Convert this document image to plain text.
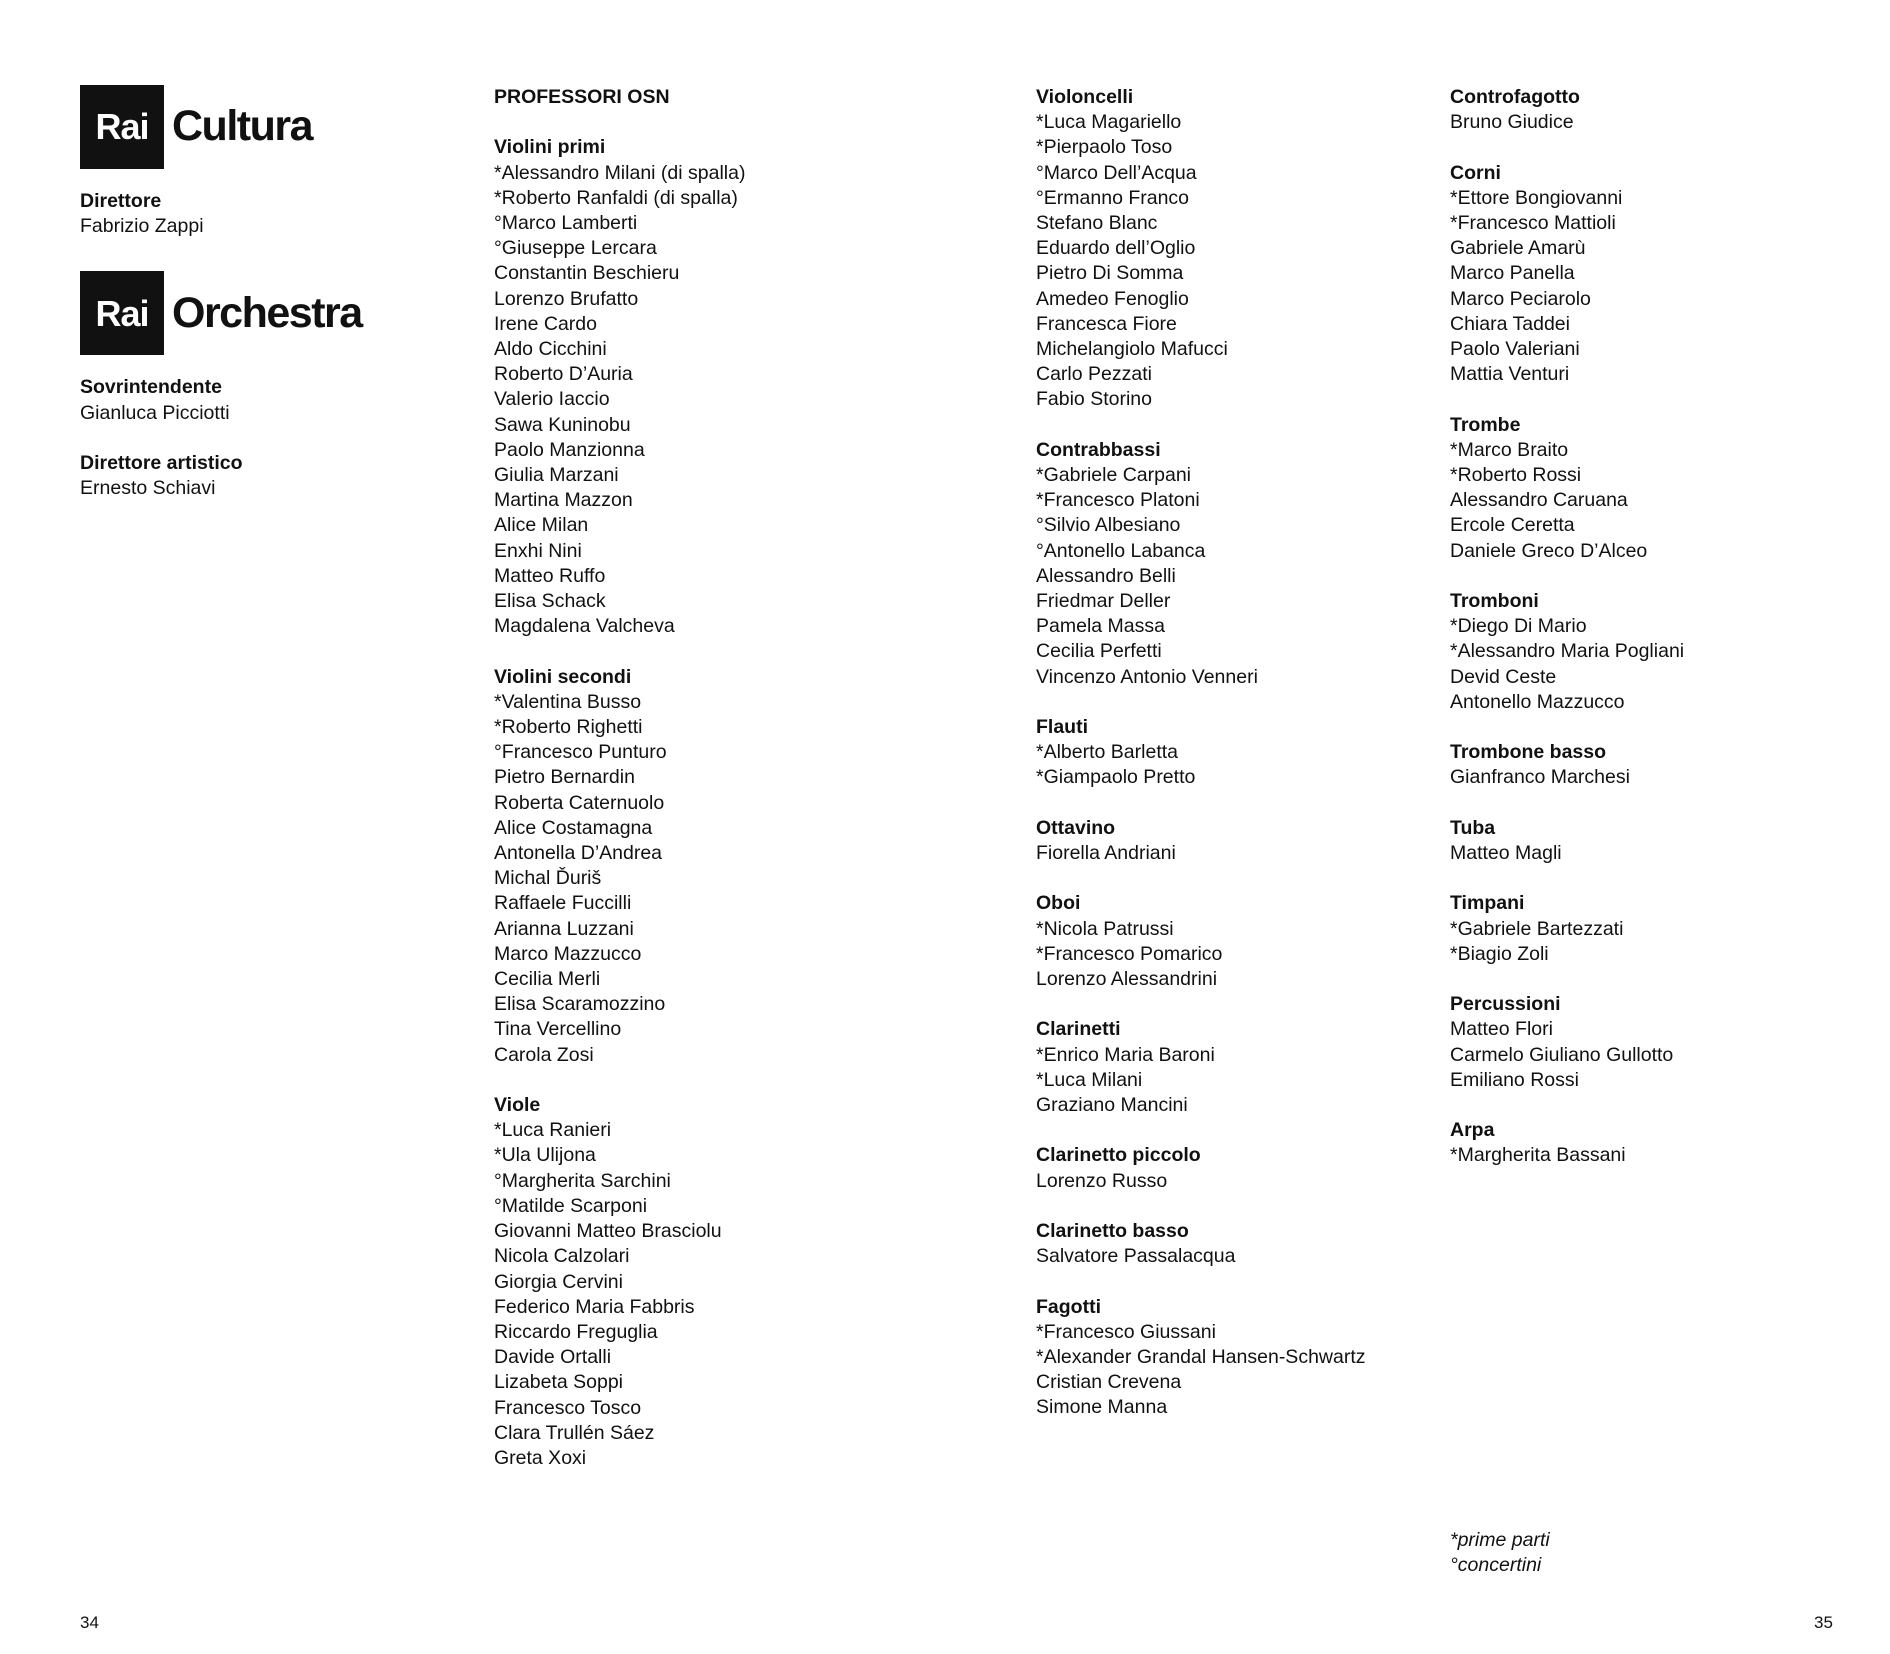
Rai Cultura
Direttore
Fabrizio Zappi
Rai Orchestra
Sovrintendente
Gianluca Picciotti
Direttore artistico
Ernesto Schiavi
PROFESSORI OSN
Violini primi
*Alessandro Milani (di spalla)
*Roberto Ranfaldi (di spalla)
°Marco Lamberti
°Giuseppe Lercara
Constantin Beschieru
Lorenzo Brufatto
Irene Cardo
Aldo Cicchini
Roberto D’Auria
Valerio Iaccio
Sawa Kuninobu
Paolo Manzionna
Giulia Marzani
Martina Mazzon
Alice Milan
Enxhi Nini
Matteo Ruffo
Elisa Schack
Magdalena Valcheva
Violini secondi
*Valentina Busso
*Roberto Righetti
°Francesco Punturo
Pietro Bernardin
Roberta Caternuolo
Alice Costamagna
Antonella D’Andrea
Michal Ďuriš
Raffaele Fuccilli
Arianna Luzzani
Marco Mazzucco
Cecilia Merli
Elisa Scaramozzino
Tina Vercellino
Carola Zosi
Viole
*Luca Ranieri
*Ula Ulijona
°Margherita Sarchini
°Matilde Scarponi
Giovanni Matteo Brasciolu
Nicola Calzolari
Giorgia Cervini
Federico Maria Fabbris
Riccardo Freguglia
Davide Ortalli
Lizabeta Soppi
Francesco Tosco
Clara Trullén Sáez
Greta Xoxi
Violoncelli
*Luca Magariello
*Pierpaolo Toso
°Marco Dell’Acqua
°Ermanno Franco
Stefano Blanc
Eduardo dell’Oglio
Pietro Di Somma
Amedeo Fenoglio
Francesca Fiore
Michelangiolo Mafucci
Carlo Pezzati
Fabio Storino
Contrabbassi
*Gabriele Carpani
*Francesco Platoni
°Silvio Albesiano
°Antonello Labanca
Alessandro Belli
Friedmar Deller
Pamela Massa
Cecilia Perfetti
Vincenzo Antonio Venneri
Flauti
*Alberto Barletta
*Giampaolo Pretto
Ottavino
Fiorella Andriani
Oboi
*Nicola Patrussi
*Francesco Pomarico
Lorenzo Alessandrini
Clarinetti
*Enrico Maria Baroni
*Luca Milani
Graziano Mancini
Clarinetto piccolo
Lorenzo Russo
Clarinetto basso
Salvatore Passalacqua
Fagotti
*Francesco Giussani
*Alexander Grandal Hansen-Schwartz
Cristian Crevena
Simone Manna
Controfagotto
Bruno Giudice
Corni
*Ettore Bongiovanni
*Francesco Mattioli
Gabriele Amarù
Marco Panella
Marco Peciarolo
Chiara Taddei
Paolo Valeriani
Mattia Venturi
Trombe
*Marco Braito
*Roberto Rossi
Alessandro Caruana
Ercole Ceretta
Daniele Greco D’Alceo
Tromboni
*Diego Di Mario
*Alessandro Maria Pogliani
Devid Ceste
Antonello Mazzucco
Trombone basso
Gianfranco Marchesi
Tuba
Matteo Magli
Timpani
*Gabriele Bartezzati
*Biagio Zoli
Percussioni
Matteo Flori
Carmelo Giuliano Gullotto
Emiliano Rossi
Arpa
*Margherita Bassani
*prime parti
°concertini
34	35
